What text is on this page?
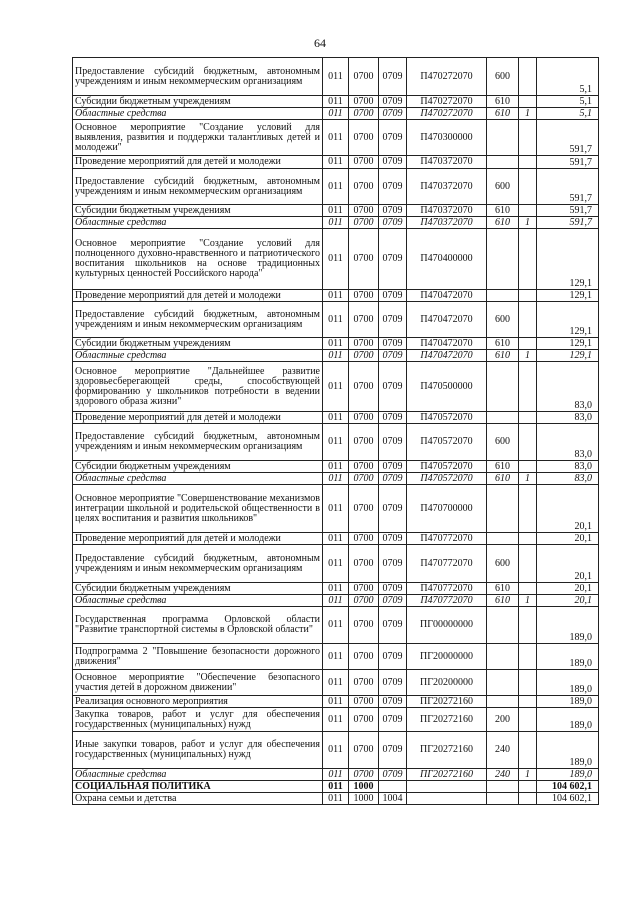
64
Предоставление субсидий бюджетным, автономным учреждениям и иным некоммерческим организациям	011	0700	0709	П470272070	600		5,1
Субсидии бюджетным учреждениям	011	0700	0709	П470272070	610		5,1
Областные средства	011	0700	0709	П470272070	610	1	5,1
Основное мероприятие "Создание условий для выявления, развития и поддержки талантливых детей и молодежи"	011	0700	0709	П470300000			591,7
Проведение мероприятий для детей и молодежи	011	0700	0709	П470372070			591,7
Предоставление субсидий бюджетным, автономным учреждениям и иным некоммерческим организациям	011	0700	0709	П470372070	600		591,7
Субсидии бюджетным учреждениям	011	0700	0709	П470372070	610		591,7
Областные средства	011	0700	0709	П470372070	610	1	591,7
Основное мероприятие "Создание условий для полноценного духовно-нравственного и патриотического воспитания школьников на основе традиционных культурных ценностей Российского народа"	011	0700	0709	П470400000			129,1
Проведение мероприятий для детей и молодежи	011	0700	0709	П470472070			129,1
Предоставление субсидий бюджетным, автономным учреждениям и иным некоммерческим организациям	011	0700	0709	П470472070	600		129,1
Субсидии бюджетным учреждениям	011	0700	0709	П470472070	610		129,1
Областные средства	011	0700	0709	П470472070	610	1	129,1
Основное мероприятие "Дальнейшее развитие здоровьесберегающей среды, способствующей формированию у школьников потребности в ведении здорового образа жизни"	011	0700	0709	П470500000			83,0
Проведение мероприятий для детей и молодежи	011	0700	0709	П470572070			83,0
Предоставление субсидий бюджетным, автономным учреждениям и иным некоммерческим организациям	011	0700	0709	П470572070	600		83,0
Субсидии бюджетным учреждениям	011	0700	0709	П470572070	610		83,0
Областные средства	011	0700	0709	П470572070	610	1	83,0
Основное мероприятие "Совершенствование механизмов интеграции школьной и родительской общественности в целях воспитания и развития школьников"	011	0700	0709	П470700000			20,1
Проведение мероприятий для детей и молодежи	011	0700	0709	П470772070			20,1
Предоставление субсидий бюджетным, автономным учреждениям и иным некоммерческим организациям	011	0700	0709	П470772070	600		20,1
Субсидии бюджетным учреждениям	011	0700	0709	П470772070	610		20,1
Областные средства	011	0700	0709	П470772070	610	1	20,1
Государственная программа Орловской области "Развитие транспортной системы в Орловской области"	011	0700	0709	ПГ00000000			189,0
Подпрограмма 2 "Повышение безопасности дорожного движения"	011	0700	0709	ПГ20000000			189,0
Основное мероприятие "Обеспечение безопасного участия детей в дорожном движении"	011	0700	0709	ПГ20200000			189,0
Реализация основного мероприятия	011	0700	0709	ПГ20272160			189,0
Закупка товаров, работ и услуг для обеспечения государственных (муниципальных) нужд	011	0700	0709	ПГ20272160	200		189,0
Иные закупки товаров, работ и услуг для обеспечения государственных (муниципальных) нужд	011	0700	0709	ПГ20272160	240		189,0
Областные средства	011	0700	0709	ПГ20272160	240	1	189,0
СОЦИАЛЬНАЯ ПОЛИТИКА	011	1000					104 602,1
Охрана семьи и детства	011	1000	1004				104 602,1
